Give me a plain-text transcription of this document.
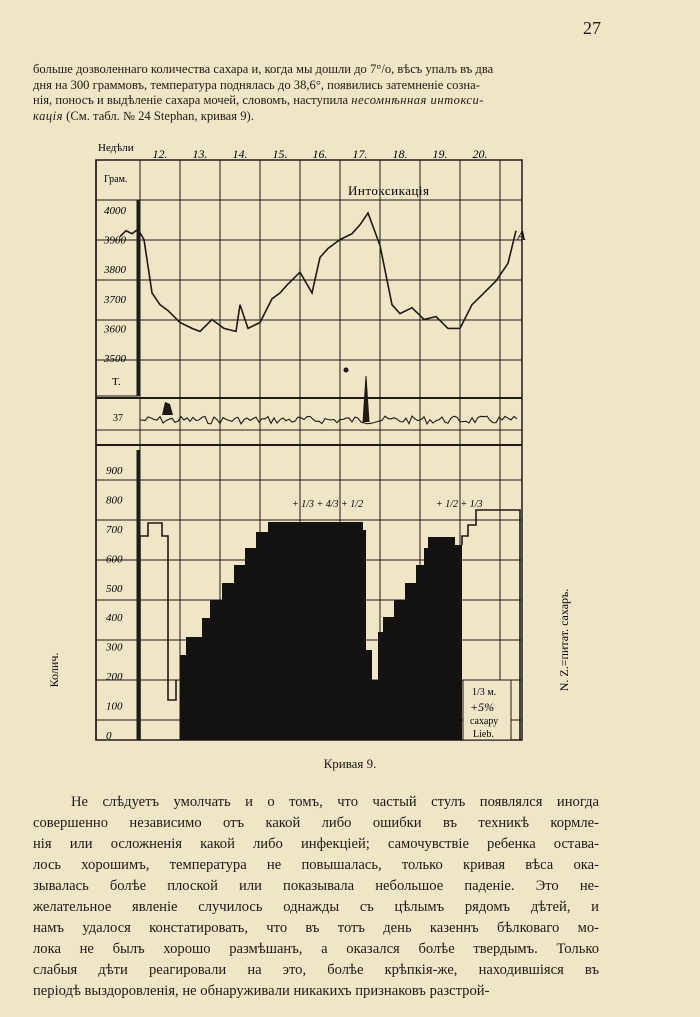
27
больше дозволеннаго количества сахара и, когда мы дошли до 7°/о, вѣсъ упалъ въ два
дня на 300 граммовъ, температура поднялась до 38,6°, появились затемненіе созна-
нія, поносъ и выдѣленіе сахара мочей, словомъ, наступила несомнѣнная интокси-
кація (См. табл. № 24 Stephan, кривая 9).
12. 13. 14. 15. 16. 17. 18. 19. 20.
Недѣли
Грам.
4000
3900
3800
3700
3600
3500
Интоксикація
А
T.
37
900
800
700
600
500
400
300
200
100
0
Колич.	N. Z.=питат. сахаръ.
+ 1/3 + 4/3 + 1/2	+ 1/2 + 1/3
1/3 м.
+5%
сахару
Lieb.
Кривая 9.
Не слѣдуетъ умолчать и о томъ, что частый стулъ появлялся иногда
совершенно независимо отъ какой либо ошибки въ техникѣ кормле-
нія или осложненія какой либо инфекціей; самочувствіе ребенка остава-
лось хорошимъ, температура не повышалась, только кривая вѣса ока-
зывалась болѣе плоской или показывала небольшое паденіе. Это не-
желательное явленіе случилось однажды съ цѣлымъ рядомъ дѣтей, и
намъ удалося констатировать, что въ тотъ день казеннъ бѣлковаго мо-
лока не былъ хорошо размѣшанъ, а оказался болѣе твердымъ. Только
слабыя дѣти реагировали на это, болѣе крѣпкія-же, находившіяся въ
періодѣ выздоровленія, не обнаруживали никакихъ признаковъ разстрой-
